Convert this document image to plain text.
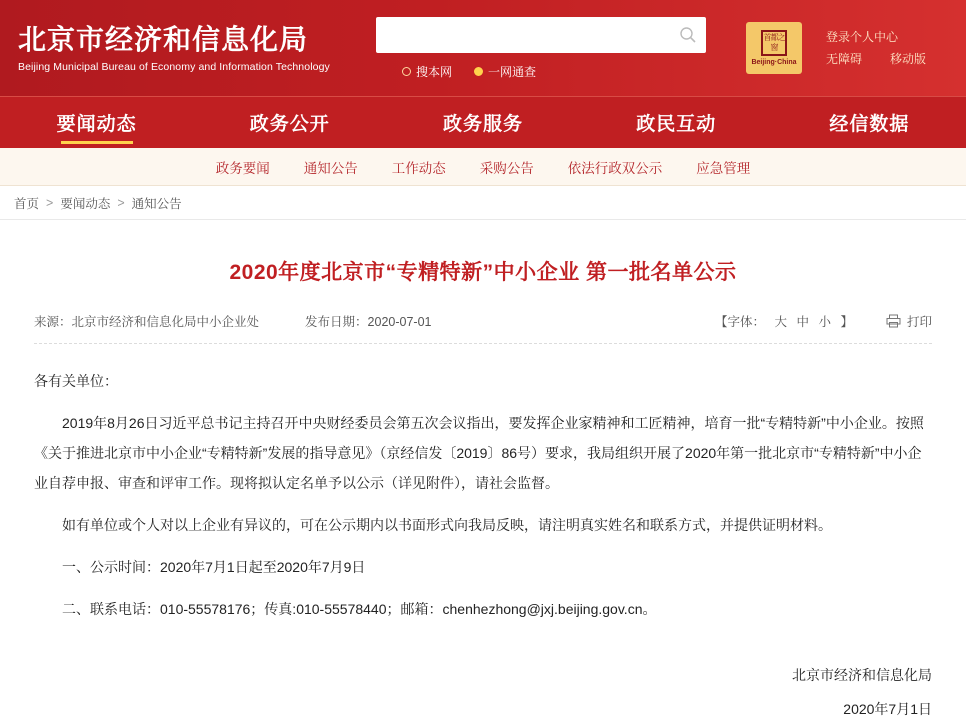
北京市经济和信息化局
Beijing Municipal Bureau of Economy and Information Technology	搜本网	一网通查
首都之窗
Beijing·China
登录个人中心
无障碍 移动版
要闻动态	政务公开	政务服务	政民互动	经信数据
政务要闻	通知公告	工作动态	采购公告	依法行政双公示	应急管理
首页 > 要闻动态 > 通知公告
2020年度北京市“专精特新”中小企业 第一批名单公示
来源：北京市经济和信息化局中小企业处	发布日期：2020-07-01	【字体： 大 中 小 】	打印

各有关单位：

2019年8月26日习近平总书记主持召开中央财经委员会第五次会议指出，要发挥企业家精神和工匠精神，培育一批“专精特新”中小企业。按照《关于推进北京市中小企业“专精特新”发展的指导意见》（京经信发〔2019〕86号）要求，我局组织开展了2020年第一批北京市“专精特新”中小企业自荐申报、审查和评审工作。现将拟认定名单予以公示（详见附件），请社会监督。

如有单位或个人对以上企业有异议的，可在公示期内以书面形式向我局反映，请注明真实姓名和联系方式，并提供证明材料。

一、公示时间：2020年7月1日起至2020年7月9日

二、联系电话：010-55578176；传真:010-55578440；邮箱：chenhezhong@jxj.beijing.gov.cn。

北京市经济和信息化局
2020年7月1日
